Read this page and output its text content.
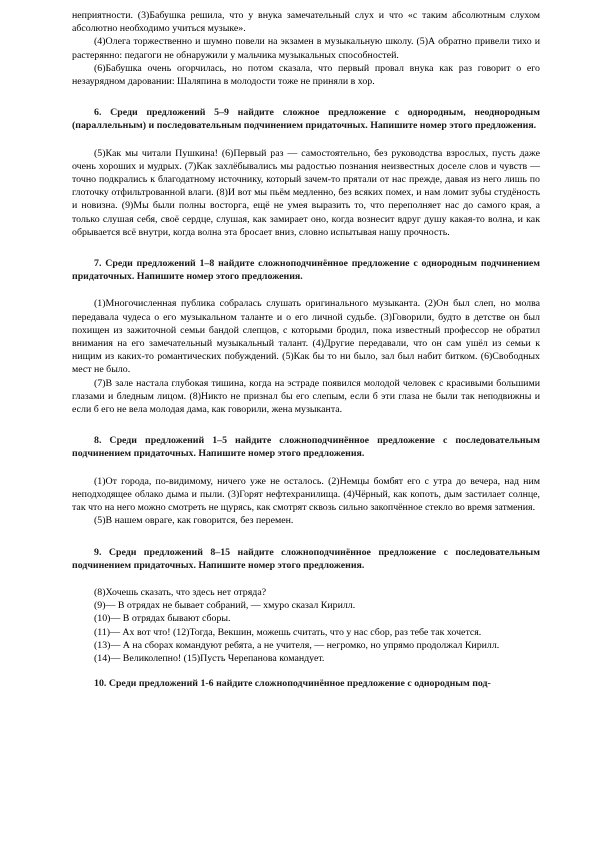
неприятности. (3)Бабушка решила, что у внука замечательный слух и что «с таким абсолютным слухом абсолютно необходимо учиться музыке».

(4)Олега торжественно и шумно повели на экзамен в музыкальную школу. (5)А обратно привели тихо и растерянно: педагоги не обнаружили у мальчика музыкальных способностей.

(6)Бабушка очень огорчилась, но потом сказала, что первый провал внука как раз говорит о его незаурядном даровании: Шаляпина в молодости тоже не приняли в хор.

6. Среди предложений 5–9 найдите сложное предложение с однородным, неоднородным (параллельным) и последовательным подчинением придаточных. Напишите номер этого предложения.

(5)Как мы читали Пушкина! (6)Первый раз — самостоятельно, без руководства взрослых, пусть даже очень хороших и мудрых. (7)Как захлёбывались мы радостью познания неизвестных доселе слов и чувств — точно подкрались к благодатному источнику, который зачем-то прятали от нас прежде, давая из него лишь по глоточку отфильтрованной влаги. (8)И вот мы пьём медленно, без всяких помех, и нам ломит зубы студёность и новизна. (9)Мы были полны восторга, ещё не умея выразить то, что переполняет нас до самого края, а только слушая себя, своё сердце, слушая, как замирает оно, когда вознесит вдруг душу какая-то волна, и как обрывается всё внутри, когда волна эта бросает вниз, словно испытывая нашу прочность.

7. Среди предложений 1–8 найдите сложноподчинённое предложение с однородным подчинением придаточных. Напишите номер этого предложения.

(1)Многочисленная публика собралась слушать оригинального музыканта. (2)Он был слеп, но молва передавала чудеса о его музыкальном таланте и о его личной судьбе. (3)Говорили, будто в детстве он был похищен из зажиточной семьи бандой слепцов, с которыми бродил, пока известный профессор не обратил внимания на его замечательный музыкальный талант. (4)Другие передавали, что он сам ушёл из семьи к нищим из каких-то романтических побуждений. (5)Как бы то ни было, зал был набит битком. (6)Свободных мест не было.

(7)В зале настала глубокая тишина, когда на эстраде появился молодой человек с красивыми большими глазами и бледным лицом. (8)Никто не признал бы его слепым, если б эти глаза не были так неподвижны и если б его не вела молодая дама, как говорили, жена музыканта.

8. Среди предложений 1–5 найдите сложноподчинённое предложение с последовательным подчинением придаточных. Напишите номер этого предложения.

(1)От города, по-видимому, ничего уже не осталось. (2)Немцы бомбят его с утра до вечера, над ним неподходящее облако дыма и пыли. (3)Горят нефтехранилища. (4)Чёрный, как копоть, дым застилает солнце, так что на него можно смотреть не щурясь, как смотрят сквозь сильно закопчённое стекло во время затмения.

(5)В нашем овраге, как говорится, без перемен.

9. Среди предложений 8–15 найдите сложноподчинённое предложение с последовательным подчинением придаточных. Напишите номер этого предложения.

(8)Хочешь сказать, что здесь нет отряда?

(9)— В отрядах не бывает собраний, — хмуро сказал Кирилл.

(10)— В отрядах бывают сборы.

(11)— Ах вот что! (12)Тогда, Векшин, можешь считать, что у нас сбор, раз тебе так хочется.

(13)— А на сборах командуют ребята, а не учителя, — негромко, но упрямо продолжал Кирилл.

(14)— Великолепно! (15)Пусть Черепанова командует.

10. Среди предложений 1-6 найдите сложноподчинённое предложение с однородным под-
